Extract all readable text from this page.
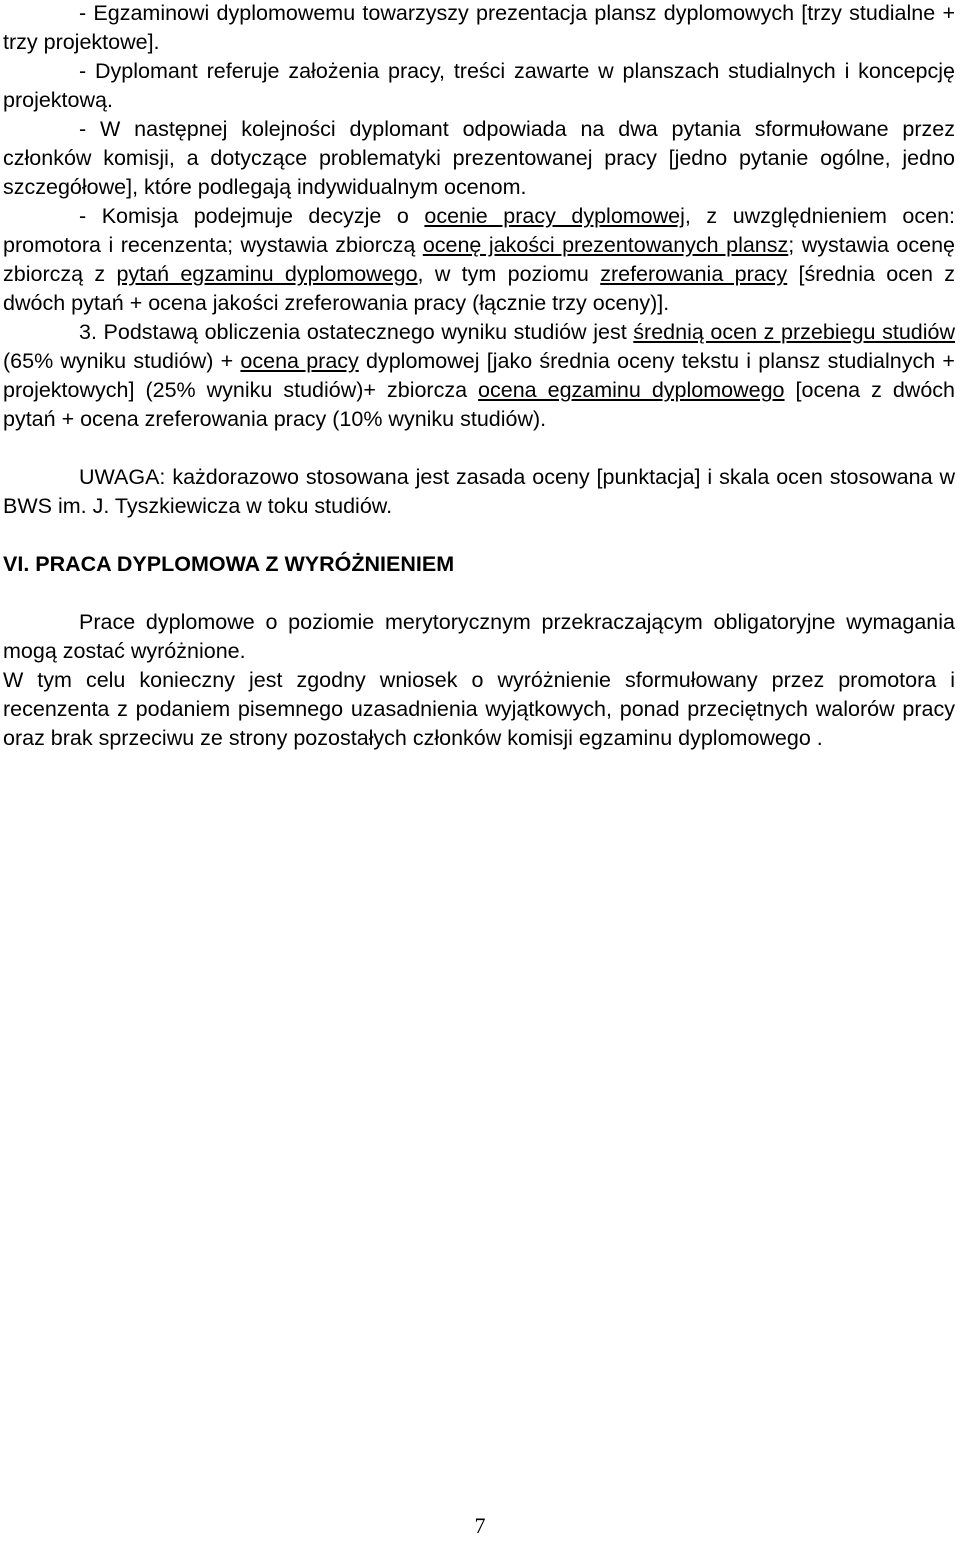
- Egzaminowi dyplomowemu towarzyszy prezentacja plansz dyplomowych [trzy studialne + trzy projektowe].

- Dyplomant referuje założenia pracy, treści zawarte w planszach studialnych i koncepcję projektową.

- W następnej kolejności dyplomant odpowiada na dwa pytania sformułowane przez członków komisji, a dotyczące problematyki prezentowanej pracy [jedno pytanie ogólne, jedno szczegółowe], które podlegają indywidualnym ocenom.

- Komisja podejmuje decyzje o ocenie pracy dyplomowej, z uwzględnieniem ocen: promotora i recenzenta; wystawia zbiorczą ocenę jakości prezentowanych plansz; wystawia ocenę zbiorczą z pytań egzaminu dyplomowego, w tym poziomu zreferowania pracy [średnia ocen z dwóch pytań + ocena jakości zreferowania pracy (łącznie trzy oceny)].

3. Podstawą obliczenia ostatecznego wyniku studiów jest średnią ocen z przebiegu studiów (65% wyniku studiów) + ocena pracy dyplomowej [jako średnia oceny tekstu i plansz studialnych + projektowych] (25% wyniku studiów)+ zbiorcza ocena egzaminu dyplomowego [ocena z dwóch pytań + ocena zreferowania pracy (10% wyniku studiów).

UWAGA: każdorazowo stosowana jest zasada oceny [punktacja] i skala ocen stosowana w BWS im. J. Tyszkiewicza w toku studiów.

VI. PRACA DYPLOMOWA Z WYRÓŻNIENIEM

Prace dyplomowe o poziomie merytorycznym przekraczającym obligatoryjne wymagania mogą zostać wyróżnione.

W tym celu konieczny jest zgodny wniosek o wyróżnienie sformułowany przez promotora i recenzenta z podaniem pisemnego uzasadnienia wyjątkowych, ponad przeciętnych walorów pracy oraz brak sprzeciwu ze strony pozostałych członków komisji egzaminu dyplomowego .

7
